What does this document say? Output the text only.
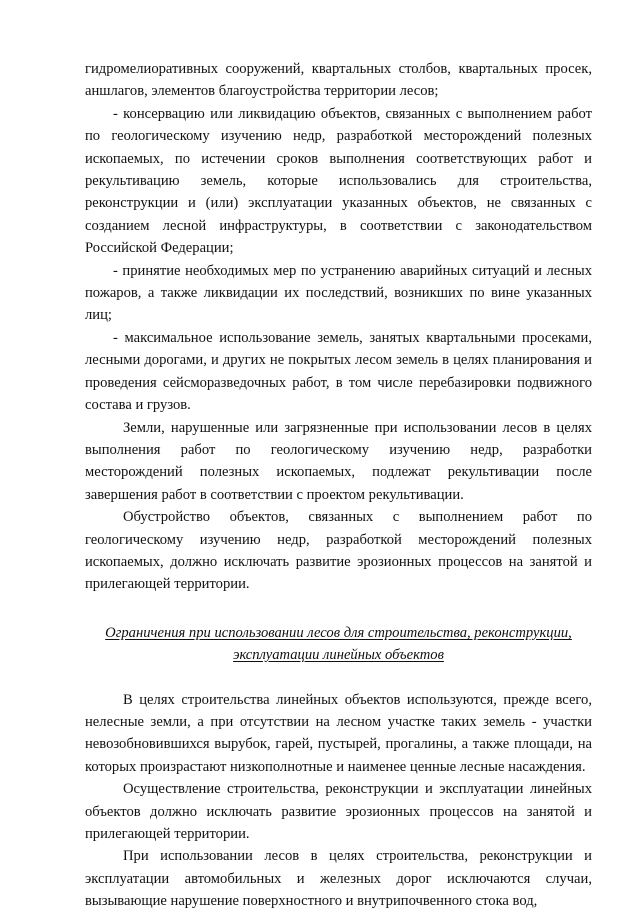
гидромелиоративных сооружений, квартальных столбов, квартальных просек, аншлагов, элементов благоустройства территории лесов;

- консервацию или ликвидацию объектов, связанных с выполнением работ по геологическому изучению недр, разработкой месторождений полезных ископаемых, по истечении сроков выполнения соответствующих работ и рекультивацию земель, которые использовались для строительства, реконструкции и (или) эксплуатации указанных объектов, не связанных с созданием лесной инфраструктуры, в соответствии с законодательством Российской Федерации;

- принятие необходимых мер по устранению аварийных ситуаций и лесных пожаров, а также ликвидации их последствий, возникших по вине указанных лиц;

- максимальное использование земель, занятых квартальными просеками, лесными дорогами, и других не покрытых лесом земель в целях планирования и проведения сейсморазведочных работ, в том числе перебазировки подвижного состава и грузов.

Земли, нарушенные или загрязненные при использовании лесов в целях выполнения работ по геологическому изучению недр, разработки месторождений полезных ископаемых, подлежат рекультивации после завершения работ в соответствии с проектом рекультивации.

Обустройство объектов, связанных с выполнением работ по геологическому изучению недр, разработкой месторождений полезных ископаемых, должно исключать развитие эрозионных процессов на занятой и прилегающей территории.

Ограничения при использовании лесов для строительства, реконструкции,
эксплуатации линейных объектов

В целях строительства линейных объектов используются, прежде всего, нелесные земли, а при отсутствии на лесном участке таких земель - участки невозобновившихся вырубок, гарей, пустырей, прогалины, а также площади, на которых произрастают низкополнотные и наименее ценные лесные насаждения.

Осуществление строительства, реконструкции и эксплуатации линейных объектов должно исключать развитие эрозионных процессов на занятой и прилегающей территории.

При использовании лесов в целях строительства, реконструкции и эксплуатации автомобильных и железных дорог исключаются случаи, вызывающие нарушение поверхностного и внутрипочвенного стока вод,
